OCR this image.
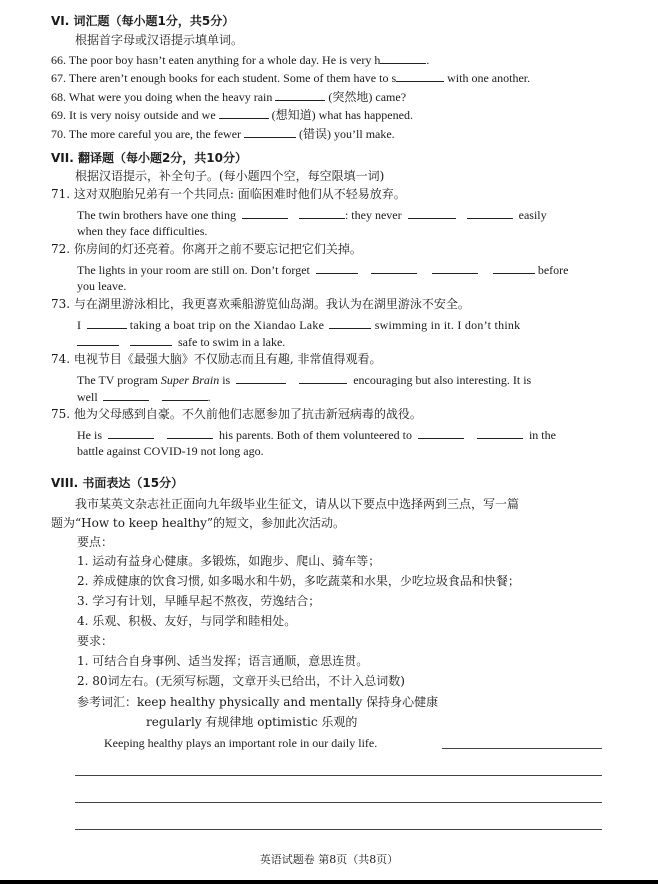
VI. 词汇题（每小题1分，共5分）
根据首字母或汉语提示填单词。
66. The poor boy hasn’t eaten anything for a whole day. He is very h	.
67. There aren’t enough books for each student. Some of them have to s	with one another.
68. What were you doing when the heavy rain	(突然地) came?
69. It is very noisy outside and we	(想知道) what has happened.
70. The more careful you are, the fewer	(错误) you’ll make.
VII. 翻译题（每小题2分，共10分）
根据汉语提示，补全句子。(每小题四个空，每空限填一词)
71. 这对双胞胎兄弟有一个共同点: 面临困难时他们从不轻易放弃。
The twin brothers have one thing	: they never	easily
when they face difficulties.
72. 你房间的灯还亮着。你离开之前不要忘记把它们关掉。
The lights in your room are still on. Don’t forget	before
you leave.
73. 与在湖里游泳相比，我更喜欢乘船游览仙岛湖。我认为在湖里游泳不安全。
I	taking a boat trip on the Xiandao Lake	swimming in it. I don’t think
safe to swim in a lake.
74. 电视节目《最强大脑》不仅励志而且有趣, 非常值得观看。
The TV program Super Brain is	encouraging but also interesting. It is
well	.
75. 他为父母感到自豪。不久前他们志愿参加了抗击新冠病毒的战役。
He is	his parents. Both of them volunteered to	in the
battle against COVID-19 not long ago.
VIII. 书面表达（15分）
我市某英文杂志社正面向九年级毕业生征文，请从以下要点中选择两到三点，写一篇
题为“How to keep healthy”的短文，参加此次活动。
要点：
1. 运动有益身心健康。多锻炼，如跑步、爬山、骑车等；
2. 养成健康的饮食习惯, 如多喝水和牛奶，多吃蔬菜和水果，少吃垃圾食品和快餐；
3. 学习有计划，早睡早起不熬夜，劳逸结合；
4. 乐观、积极、友好，与同学和睦相处。
要求：
1. 可结合自身事例、适当发挥；语言通顺，意思连贯。
2. 80词左右。(无须写标题，文章开头已给出，不计入总词数)
参考词汇：keep healthy physically and mentally 保持身心健康
regularly 有规律地 optimistic 乐观的
Keeping healthy plays an important role in our daily life.
英语试题卷 第8页（共8页）
